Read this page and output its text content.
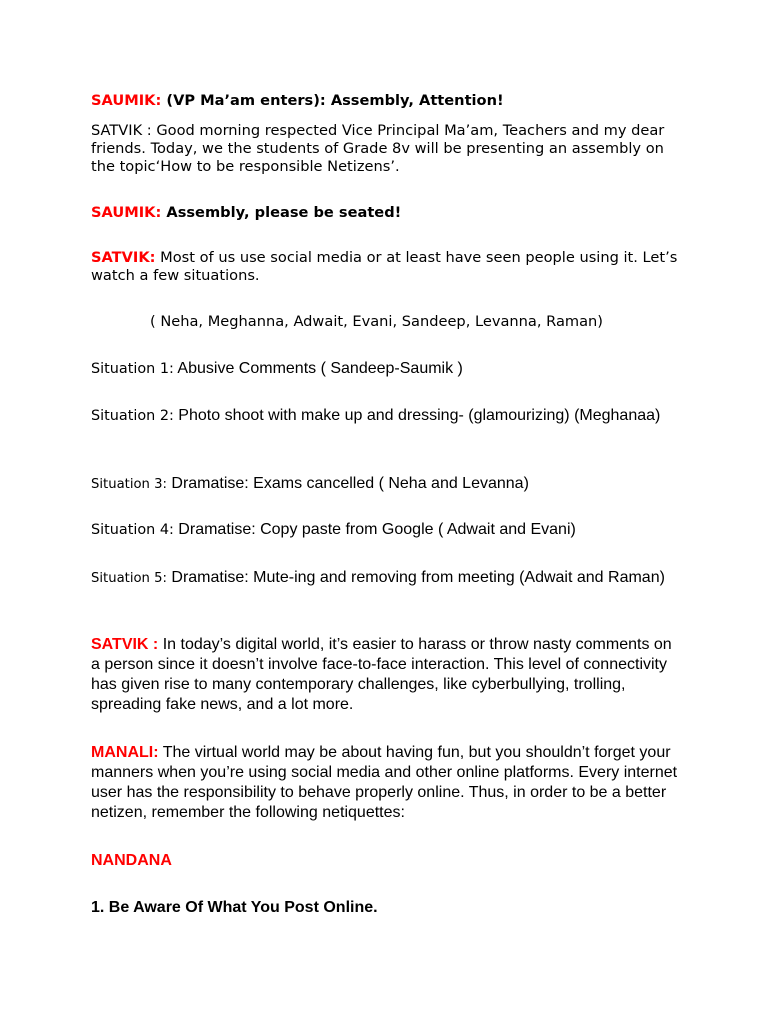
SAUMIK: (VP Ma’am enters): Assembly, Attention!

SATVIK : Good morning respected Vice Principal Ma’am, Teachers and my dear friends. Today, we the students of Grade 8v will be presenting an assembly on the topic‘How to be responsible Netizens’.

SAUMIK: Assembly, please be seated!

SATVIK: Most of us use social media or at least have seen people using it. Let’s watch a few situations.

( Neha, Meghanna, Adwait, Evani, Sandeep, Levanna, Raman)

Situation 1: Abusive Comments ( Sandeep-Saumik )

Situation 2: Photo shoot with make up and dressing- (glamourizing) (Meghanaa)

Situation 3: Dramatise: Exams cancelled ( Neha and Levanna)

Situation 4: Dramatise: Copy paste from Google ( Adwait and Evani)

Situation 5: Dramatise: Mute-ing and removing from meeting (Adwait and Raman)

SATVIK : In today’s digital world, it’s easier to harass or throw nasty comments on a person since it doesn’t involve face-to-face interaction. This level of connectivity has given rise to many contemporary challenges, like cyberbullying, trolling, spreading fake news, and a lot more.

MANALI: The virtual world may be about having fun, but you shouldn’t forget your manners when you’re using social media and other online platforms. Every internet user has the responsibility to behave properly online. Thus, in order to be a better netizen, remember the following netiquettes:

NANDANA

1. Be Aware Of What You Post Online.
